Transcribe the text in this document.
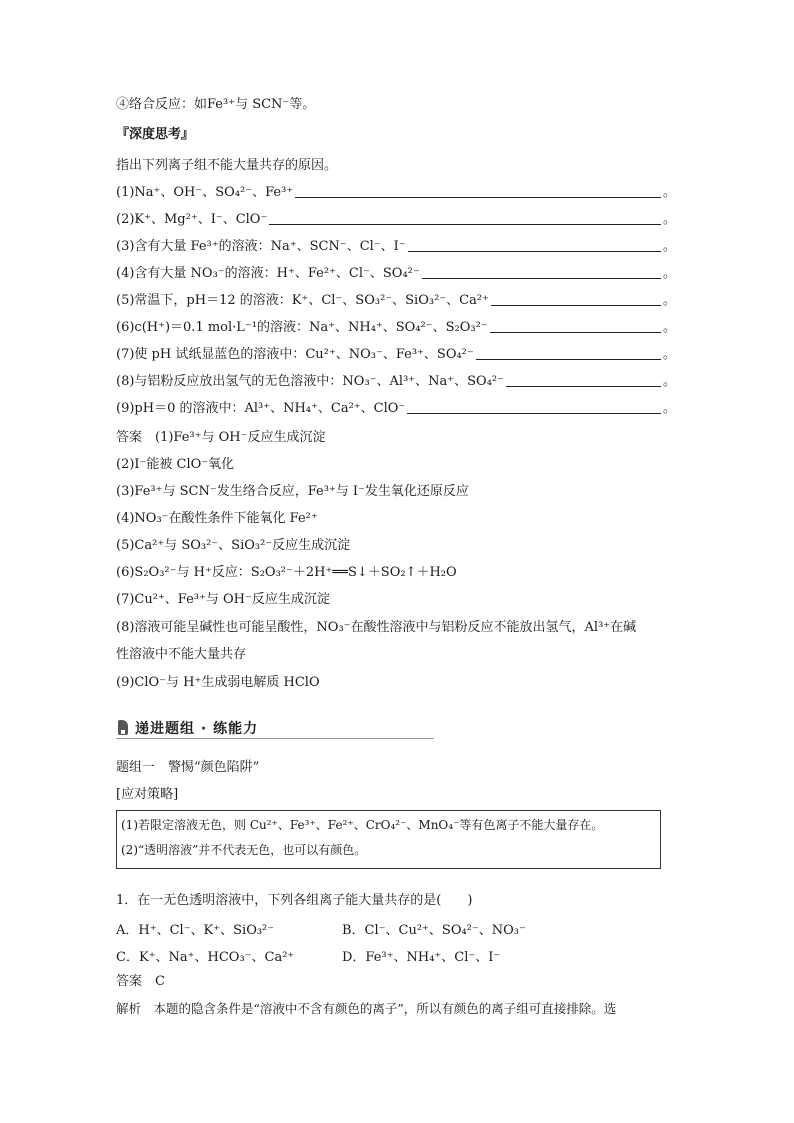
④络合反应：如Fe³⁺与 SCN⁻等。
『深度思考』
指出下列离子组不能大量共存的原因。
(1)Na⁺、OH⁻、SO₄²⁻、Fe³⁺	。
(2)K⁺、Mg²⁺、I⁻、ClO⁻	。
(3)含有大量 Fe³⁺的溶液：Na⁺、SCN⁻、Cl⁻、I⁻	。
(4)含有大量 NO₃⁻的溶液：H⁺、Fe²⁺、Cl⁻、SO₄²⁻	。
(5)常温下，pH＝12 的溶液：K⁺、Cl⁻、SO₃²⁻、SiO₃²⁻、Ca²⁺	。
(6)c(H⁺)＝0.1 mol·L⁻¹的溶液：Na⁺、NH₄⁺、SO₄²⁻、S₂O₃²⁻	。
(7)使 pH 试纸显蓝色的溶液中：Cu²⁺、NO₃⁻、Fe³⁺、SO₄²⁻	。
(8)与铝粉反应放出氢气的无色溶液中：NO₃⁻、Al³⁺、Na⁺、SO₄²⁻	。
(9)pH＝0 的溶液中：Al³⁺、NH₄⁺、Ca²⁺、ClO⁻	。
答案　(1)Fe³⁺与 OH⁻反应生成沉淀
(2)I⁻能被 ClO⁻氧化
(3)Fe³⁺与 SCN⁻发生络合反应，Fe³⁺与 I⁻发生氧化还原反应
(4)NO₃⁻在酸性条件下能氧化 Fe²⁺
(5)Ca²⁺与 SO₃²⁻、SiO₃²⁻反应生成沉淀
(6)S₂O₃²⁻与 H⁺反应：S₂O₃²⁻＋2H⁺══S↓＋SO₂↑＋H₂O
(7)Cu²⁺、Fe³⁺与 OH⁻反应生成沉淀
(8)溶液可能呈碱性也可能呈酸性，NO₃⁻在酸性溶液中与铝粉反应不能放出氢气，Al³⁺在碱
性溶液中不能大量共存
(9)ClO⁻与 H⁺生成弱电解质 HClO
递进题组 · 练能力
题组一　警惕“颜色陷阱”
[应对策略]
(1)若限定溶液无色，则 Cu²⁺、Fe³⁺、Fe²⁺、CrO₄²⁻、MnO₄⁻等有色离子不能大量存在。
(2)“透明溶液”并不代表无色，也可以有颜色。
1．在一无色透明溶液中，下列各组离子能大量共存的是(　　)
A．H⁺、Cl⁻、K⁺、SiO₃²⁻	B．Cl⁻、Cu²⁺、SO₄²⁻、NO₃⁻
C．K⁺、Na⁺、HCO₃⁻、Ca²⁺	D．Fe³⁺、NH₄⁺、Cl⁻、I⁻
答案　C
解析　本题的隐含条件是“溶液中不含有颜色的离子”，所以有颜色的离子组可直接排除。选
